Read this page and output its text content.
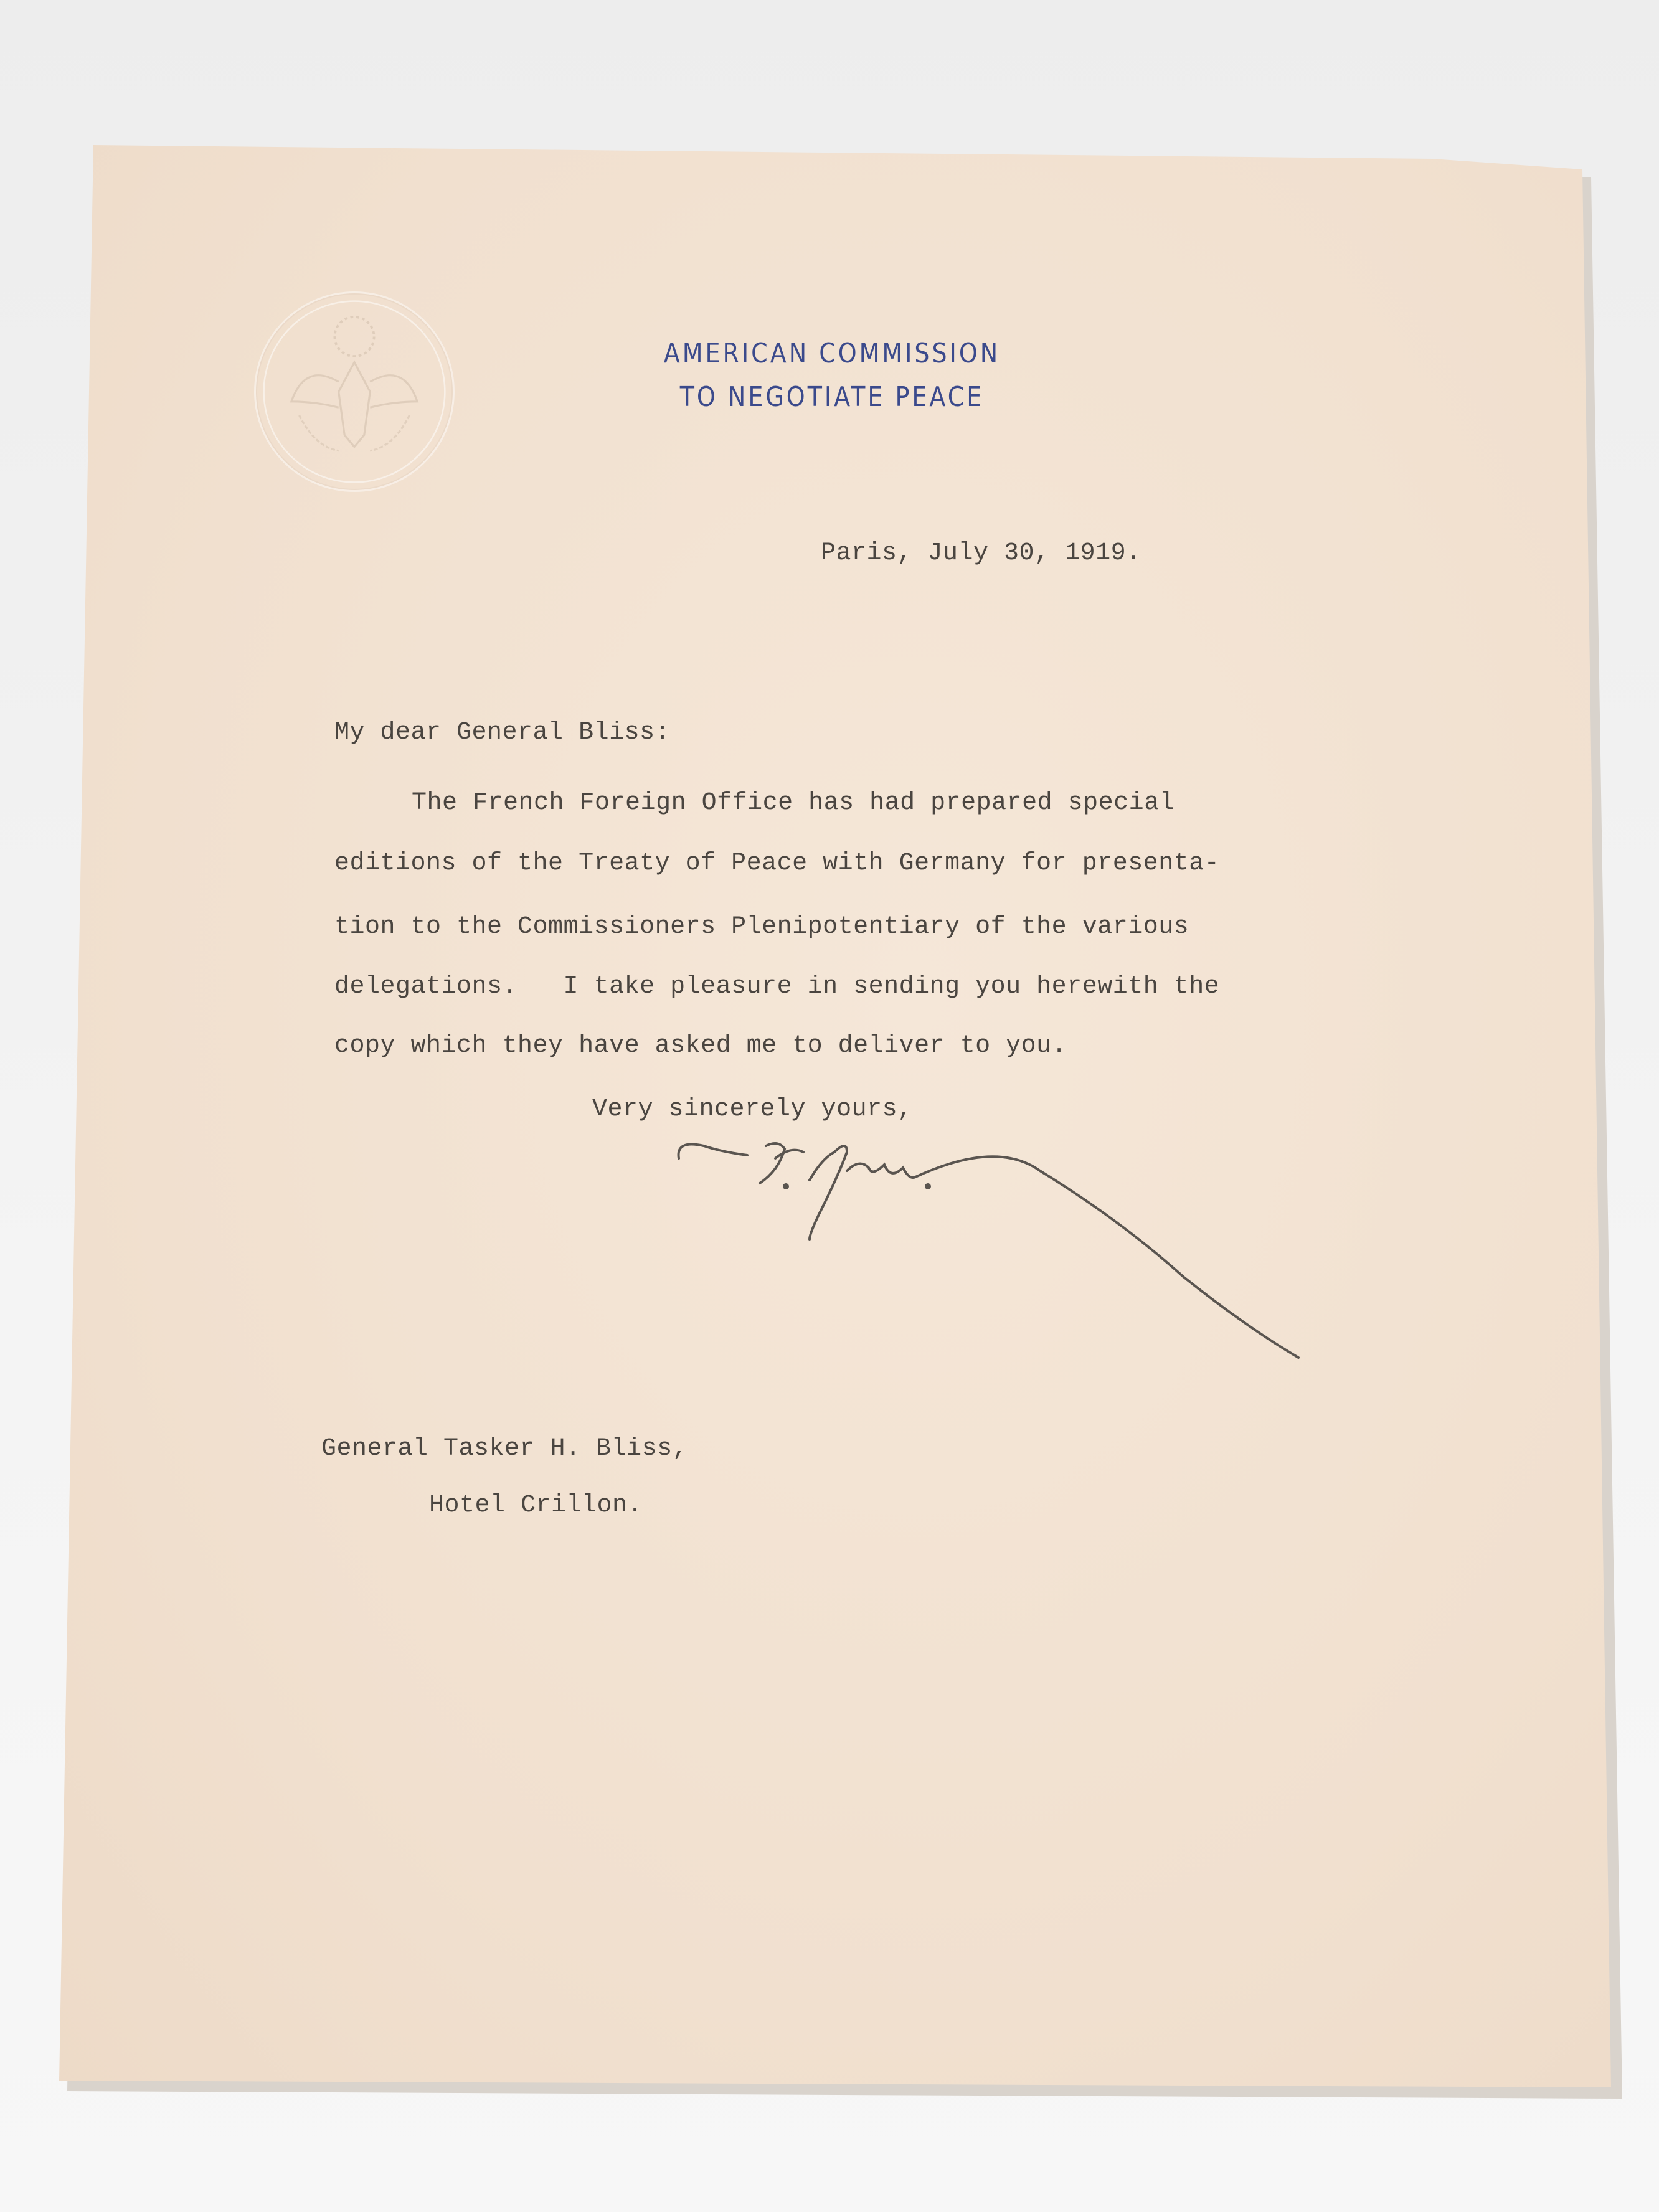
AMERICAN COMMISSION
TO NEGOTIATE PEACE
Paris, July 30, 1919.
My dear General Bliss:
The French Foreign Office has had prepared special
editions of the Treaty of Peace with Germany for presenta-
tion to the Commissioners Plenipotentiary of the various
delegations.   I take pleasure in sending you herewith the
copy which they have asked me to deliver to you.
Very sincerely yours,
General Tasker H. Bliss,
Hotel Crillon.
